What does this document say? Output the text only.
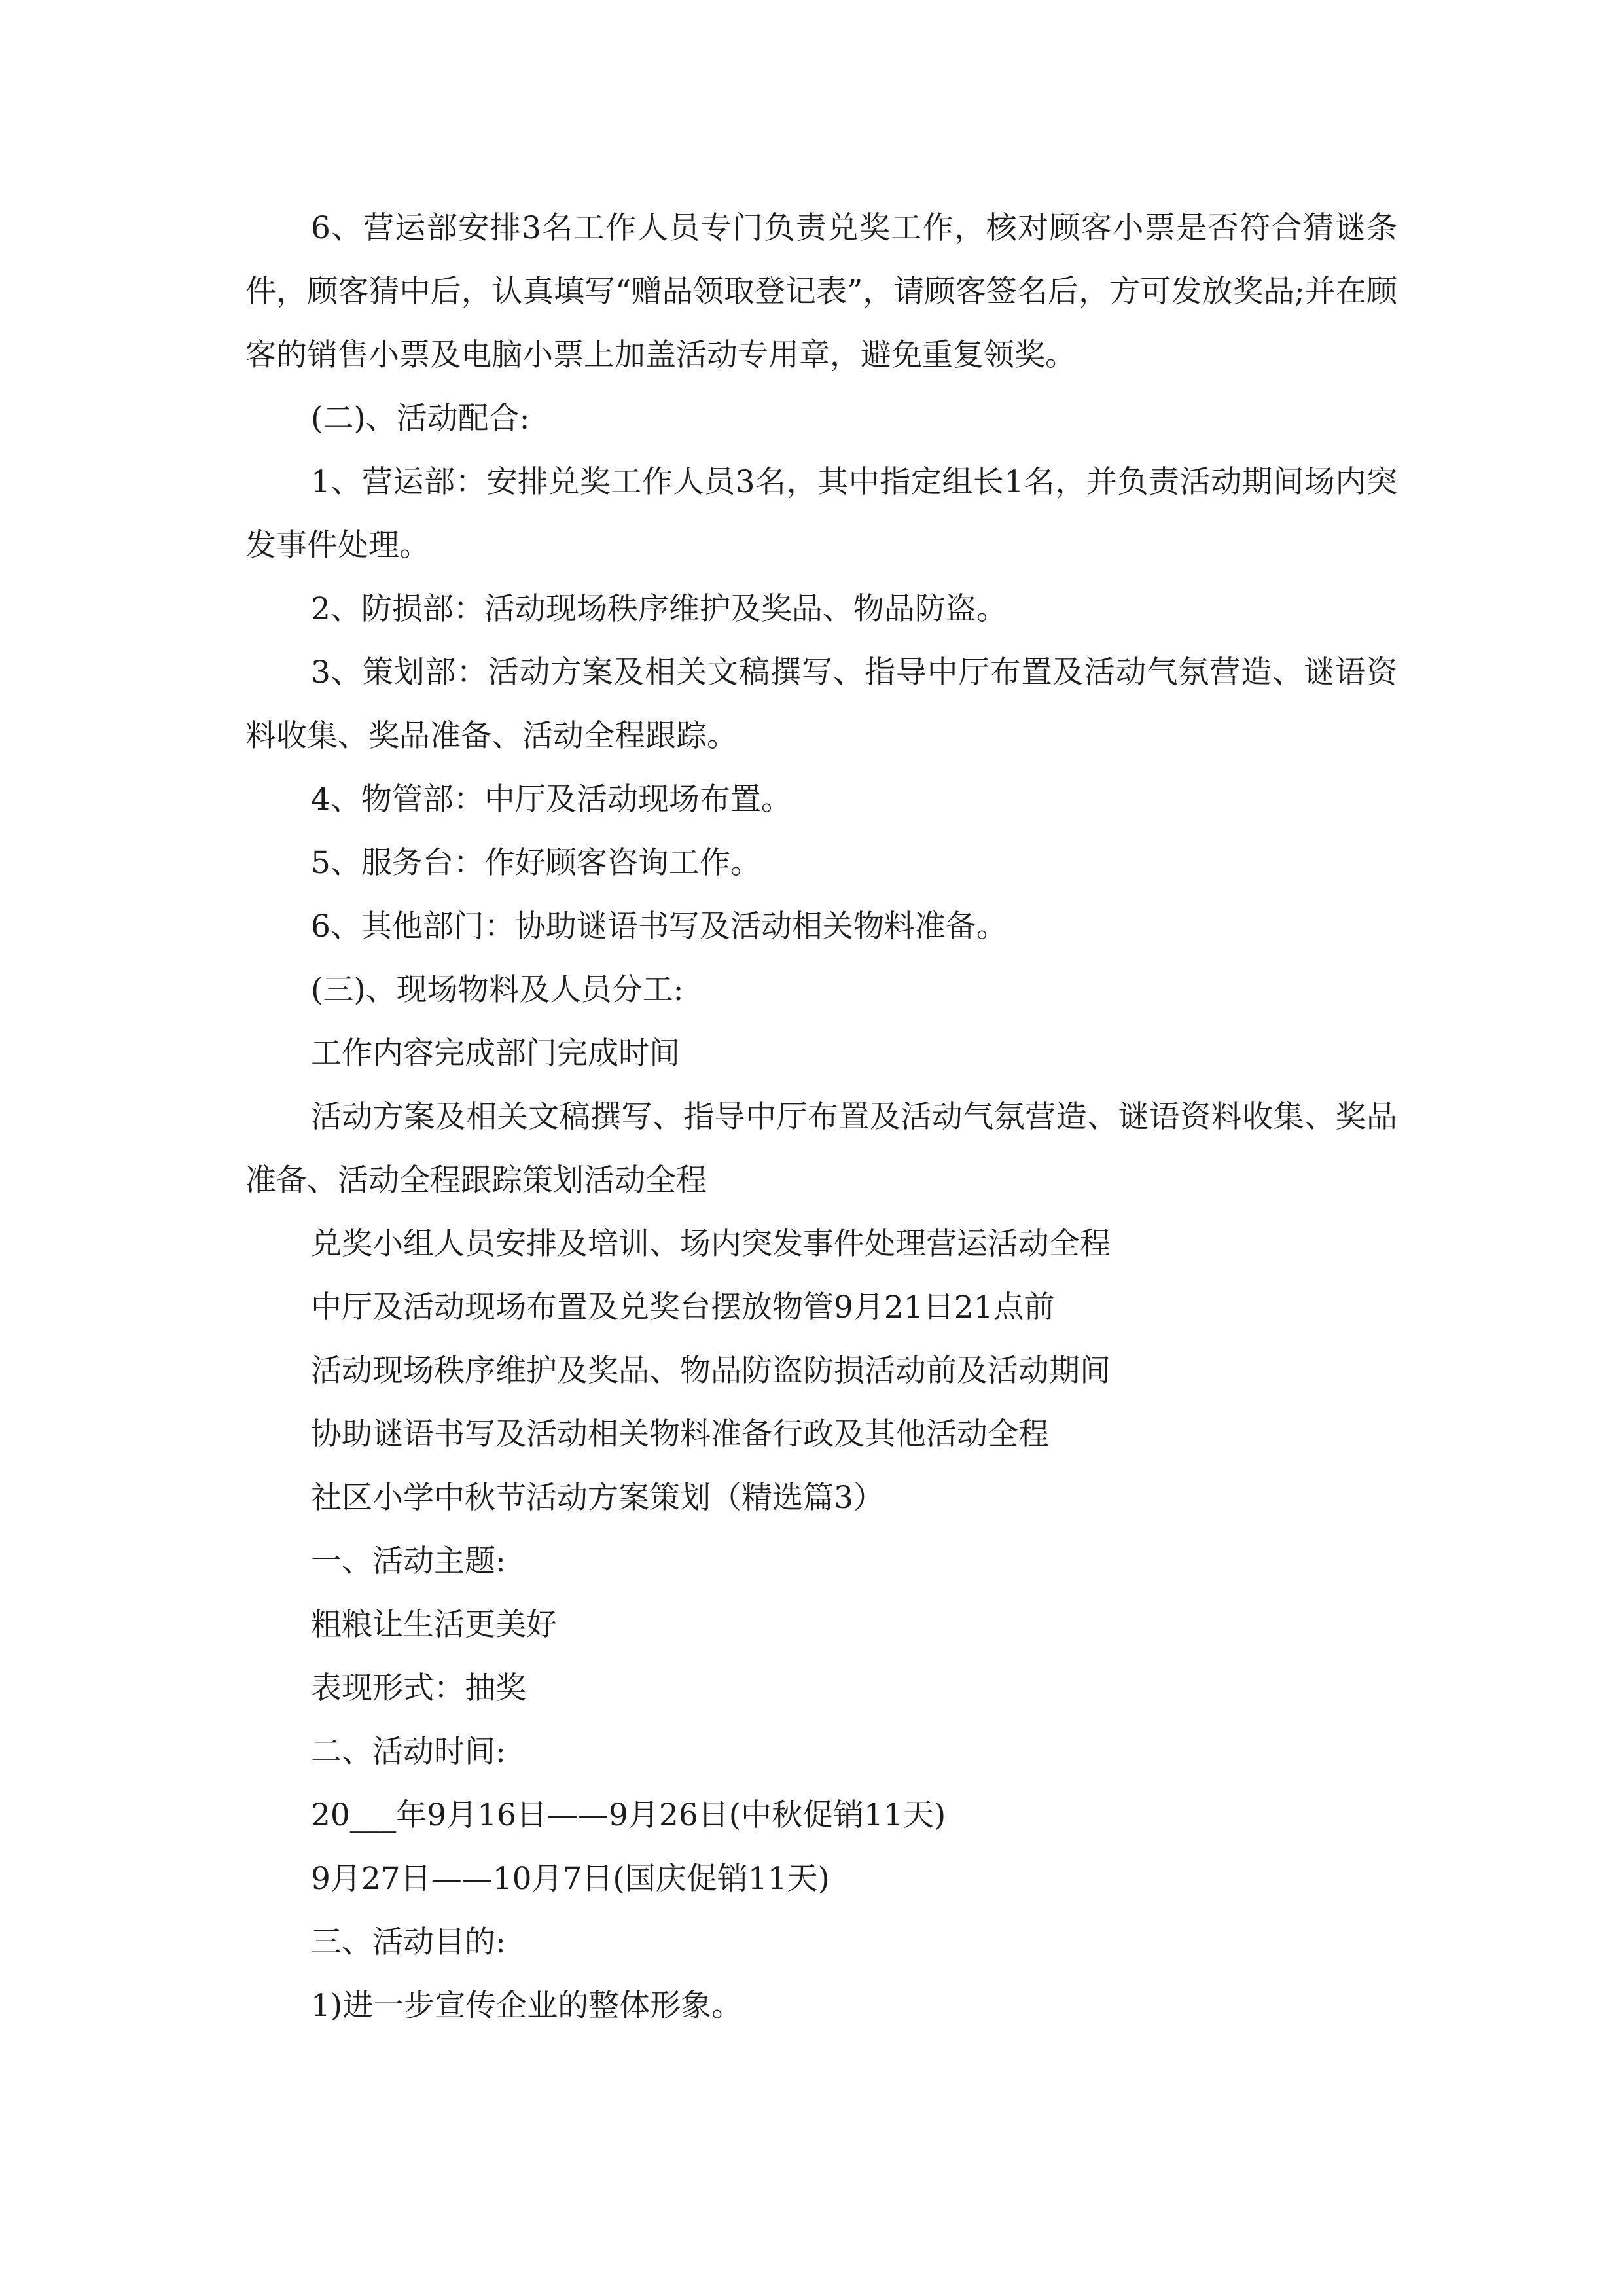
6、营运部安排3名工作人员专门负责兑奖工作，核对顾客小票是否符合猜谜条件，顾客猜中后，认真填写“赠品领取登记表”，请顾客签名后，方可发放奖品;并在顾客的销售小票及电脑小票上加盖活动专用章，避免重复领奖。

(二)、活动配合:

1、营运部：安排兑奖工作人员3名，其中指定组长1名，并负责活动期间场内突发事件处理。

2、防损部：活动现场秩序维护及奖品、物品防盗。

3、策划部：活动方案及相关文稿撰写、指导中厅布置及活动气氛营造、谜语资料收集、奖品准备、活动全程跟踪。

4、物管部：中厅及活动现场布置。

5、服务台：作好顾客咨询工作。

6、其他部门：协助谜语书写及活动相关物料准备。

(三)、现场物料及人员分工:

工作内容完成部门完成时间

活动方案及相关文稿撰写、指导中厅布置及活动气氛营造、谜语资料收集、奖品准备、活动全程跟踪策划活动全程

兑奖小组人员安排及培训、场内突发事件处理营运活动全程

中厅及活动现场布置及兑奖台摆放物管9月21日21点前

活动现场秩序维护及奖品、物品防盗防损活动前及活动期间

协助谜语书写及活动相关物料准备行政及其他活动全程

社区小学中秋节活动方案策划（精选篇3）

一、活动主题:

粗粮让生活更美好

表现形式：抽奖

二、活动时间:

20___年9月16日——9月26日(中秋促销11天)

9月27日——10月7日(国庆促销11天)

三、活动目的:

1)进一步宣传企业的整体形象。
